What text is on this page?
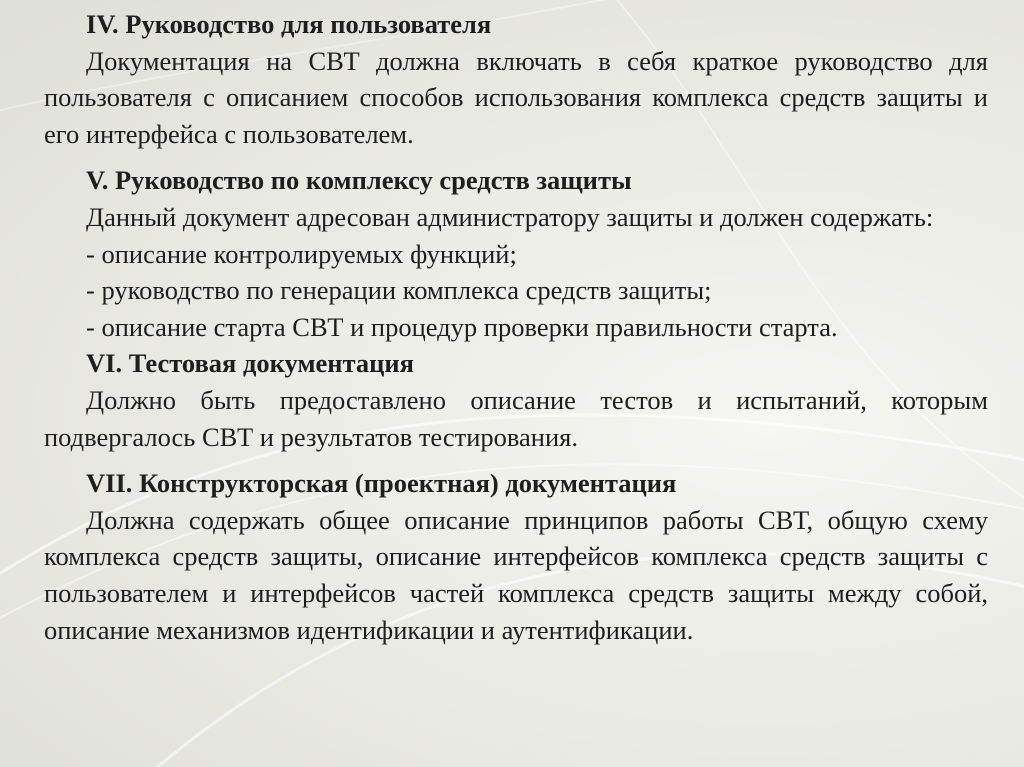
IV. Руководство для пользователя

Документация на СВТ должна включать в себя краткое руководство для пользователя с описанием способов использования комплекса средств защиты и его интерфейса с пользователем.

V. Руководство по комплексу средств защиты

Данный документ адресован администратору защиты и должен содержать:

- описание контролируемых функций;

- руководство по генерации комплекса средств защиты;

- описание старта СВТ и процедур проверки правильности старта.

VI. Тестовая документация

Должно быть предоставлено описание тестов и испытаний, которым подвергалось СВТ и результатов тестирования.

VII. Конструкторская (проектная) документация

Должна содержать общее описание принципов работы СВТ, общую схему комплекса средств защиты, описание интерфейсов комплекса средств защиты с пользователем и интерфейсов частей комплекса средств защиты между собой, описание механизмов идентификации и аутентификации.
